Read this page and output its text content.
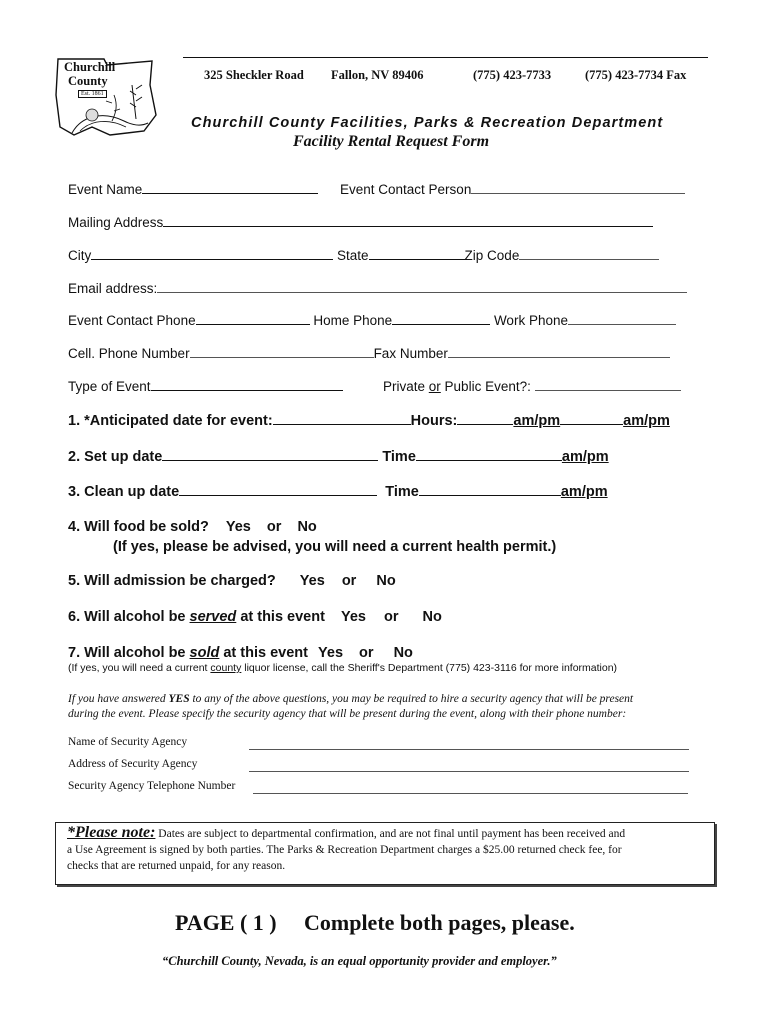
Churchill
County
Est. 1861
325 Sheckler Road Fallon, NV 89406	(775) 423-7733	(775) 423-7734 Fax
Churchill County Facilities, Parks & Recreation Department
Facility Rental Request Form
Event Name	Event Contact Person
Mailing Address
City	State	Zip Code
Email address:
Event Contact Phone	Home Phone	Work Phone
Cell. Phone Number	Fax Number
Type of Event	Private or Public Event?:
1. *Anticipated date for event:	Hours:	am/pm	am/pm
2. Set up date	Time	am/pm
3. Clean up date	Time	am/pm
4. Will food be sold? Yes or No
(If yes, please be advised, you will need a current health permit.)
5. Will admission be charged? Yes or No
6. Will alcohol be served at this event Yes or No
7. Will alcohol be sold at this event Yes or No
(If yes, you will need a current county liquor license, call the Sheriff's Department (775) 423-3116 for more information)
If you have answered YES to any of the above questions, you may be required to hire a security agency that will be present
during the event. Please specify the security agency that will be present during the event, along with their phone number:
Name of Security Agency
Address of Security Agency
Security Agency Telephone Number
*Please note: Dates are subject to departmental confirmation, and are not final until payment has been received and
a Use Agreement is signed by both parties. The Parks & Recreation Department charges a $25.00 returned check fee, for
checks that are returned unpaid, for any reason.
PAGE ( 1 ) Complete both pages, please.
“Churchill County, Nevada, is an equal opportunity provider and employer.”
